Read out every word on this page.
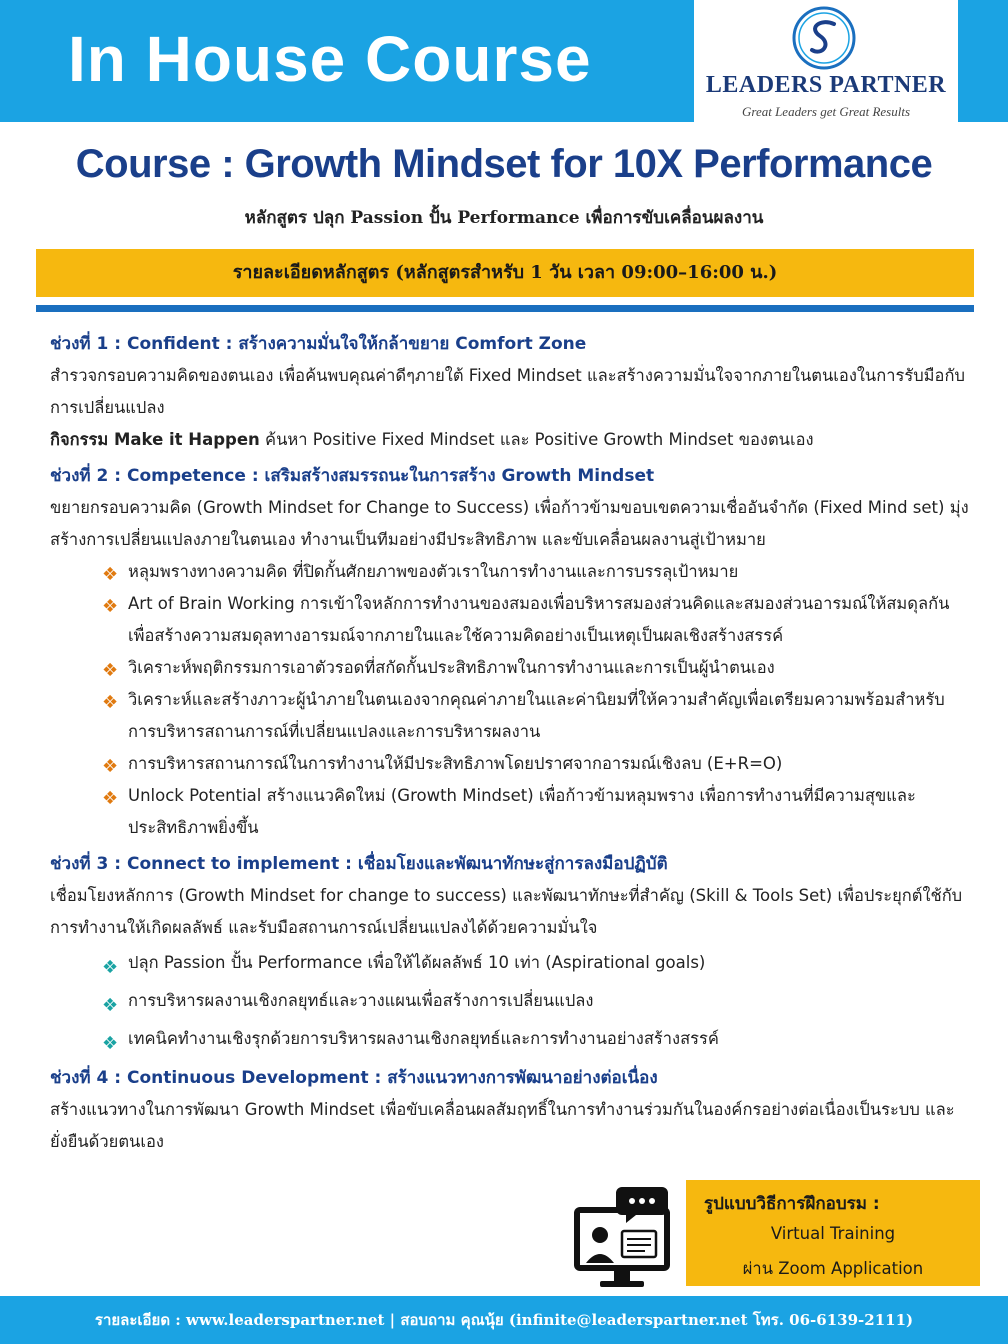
In House Course	LEADERS PARTNER
Great Leaders get Great Results
Course : Growth Mindset for 10X Performance
หลักสูตร ปลุก Passion ปั้น Performance เพื่อการขับเคลื่อนผลงาน
รายละเอียดหลักสูตร (หลักสูตรสำหรับ 1 วัน เวลา 09:00–16:00 น.)
ช่วงที่ 1 : Confident : สร้างความมั่นใจให้กล้าขยาย Comfort Zone
สำรวจกรอบความคิดของตนเอง เพื่อค้นพบคุณค่าดีๆภายใต้ Fixed Mindset และสร้างความมั่นใจจากภายในตนเองในการรับมือกับการเปลี่ยนแปลง
กิจกรรม Make it Happen ค้นหา Positive Fixed Mindset และ Positive Growth Mindset ของตนเอง
ช่วงที่ 2 : Competence : เสริมสร้างสมรรถนะในการสร้าง Growth Mindset
ขยายกรอบความคิด (Growth Mindset for Change to Success) เพื่อก้าวข้ามขอบเขตความเชื่ออันจำกัด (Fixed Mind set) มุ่งสร้างการเปลี่ยนแปลงภายในตนเอง ทำงานเป็นทีมอย่างมีประสิทธิภาพ และขับเคลื่อนผลงานสู่เป้าหมาย
❖ หลุมพรางทางความคิด ที่ปิดกั้นศักยภาพของตัวเราในการทำงานและการบรรลุเป้าหมาย
❖ Art of Brain Working การเข้าใจหลักการทำงานของสมองเพื่อบริหารสมองส่วนคิดและสมองส่วนอารมณ์ให้สมดุลกัน เพื่อสร้างความสมดุลทางอารมณ์จากภายในและใช้ความคิดอย่างเป็นเหตุเป็นผลเชิงสร้างสรรค์
❖ วิเคราะห์พฤติกรรมการเอาตัวรอดที่สกัดกั้นประสิทธิภาพในการทำงานและการเป็นผู้นำตนเอง
❖ วิเคราะห์และสร้างภาวะผู้นำภายในตนเองจากคุณค่าภายในและค่านิยมที่ให้ความสำคัญเพื่อเตรียมความพร้อมสำหรับการบริหารสถานการณ์ที่เปลี่ยนแปลงและการบริหารผลงาน
❖ การบริหารสถานการณ์ในการทำงานให้มีประสิทธิภาพโดยปราศจากอารมณ์เชิงลบ (E+R=O)
❖ Unlock Potential สร้างแนวคิดใหม่ (Growth Mindset) เพื่อก้าวข้ามหลุมพราง เพื่อการทำงานที่มีความสุขและประสิทธิภาพยิ่งขึ้น
ช่วงที่ 3 : Connect to implement : เชื่อมโยงและพัฒนาทักษะสู่การลงมือปฏิบัติ
เชื่อมโยงหลักการ (Growth Mindset for change to success) และพัฒนาทักษะที่สำคัญ (Skill & Tools Set) เพื่อประยุกต์ใช้กับการทำงานให้เกิดผลลัพธ์ และรับมือสถานการณ์เปลี่ยนแปลงได้ด้วยความมั่นใจ
❖ ปลุก Passion ปั้น Performance เพื่อให้ได้ผลลัพธ์ 10 เท่า (Aspirational goals)
❖ การบริหารผลงานเชิงกลยุทธ์และวางแผนเพื่อสร้างการเปลี่ยนแปลง
❖ เทคนิคทำงานเชิงรุกด้วยการบริหารผลงานเชิงกลยุทธ์และการทำงานอย่างสร้างสรรค์
ช่วงที่ 4 : Continuous Development : สร้างแนวทางการพัฒนาอย่างต่อเนื่อง
สร้างแนวทางในการพัฒนา Growth Mindset เพื่อขับเคลื่อนผลสัมฤทธิ์ในการทำงานร่วมกันในองค์กรอย่างต่อเนื่องเป็นระบบ และยั่งยืนด้วยตนเอง
รูปแบบวิธีการฝึกอบรม :
Virtual Training
ผ่าน Zoom Application
รายละเอียด : www.leaderspartner.net | สอบถาม คุณนุ้ย (infinite@leaderspartner.net โทร. 06-6139-2111)
